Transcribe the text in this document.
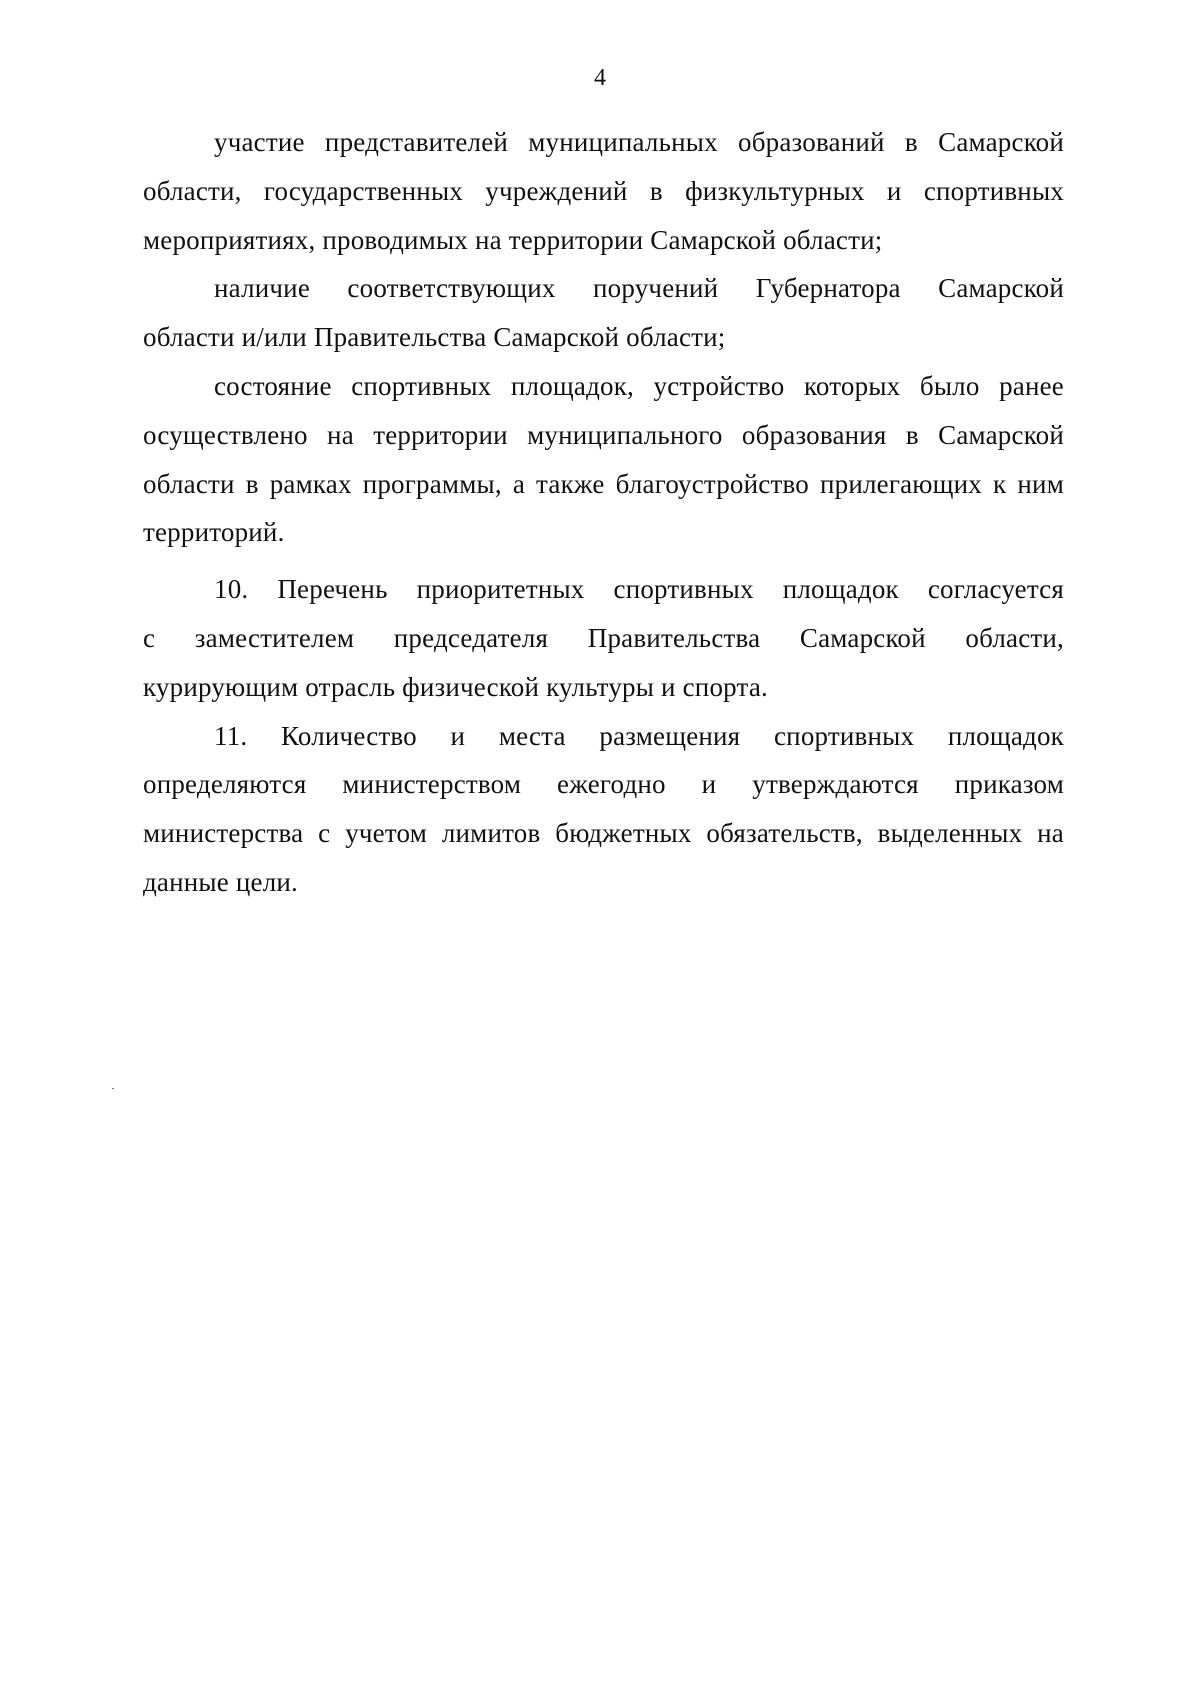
4
участие представителей муниципальных образований в Самарской
области, государственных учреждений в физкультурных и спортивных
мероприятиях, проводимых на территории Самарской области;
наличие соответствующих поручений Губернатора Самарской
области и/или Правительства Самарской области;
состояние спортивных площадок, устройство которых было ранее
осуществлено на территории муниципального образования в Самарской
области в рамках программы, а также благоустройство прилегающих к ним
территорий.
10. Перечень приоритетных спортивных площадок согласуется
с заместителем председателя Правительства Самарской области,
курирующим отрасль физической культуры и спорта.
11. Количество и места размещения спортивных площадок
определяются министерством ежегодно и утверждаются приказом
министерства с учетом лимитов бюджетных обязательств, выделенных на
данные цели.
